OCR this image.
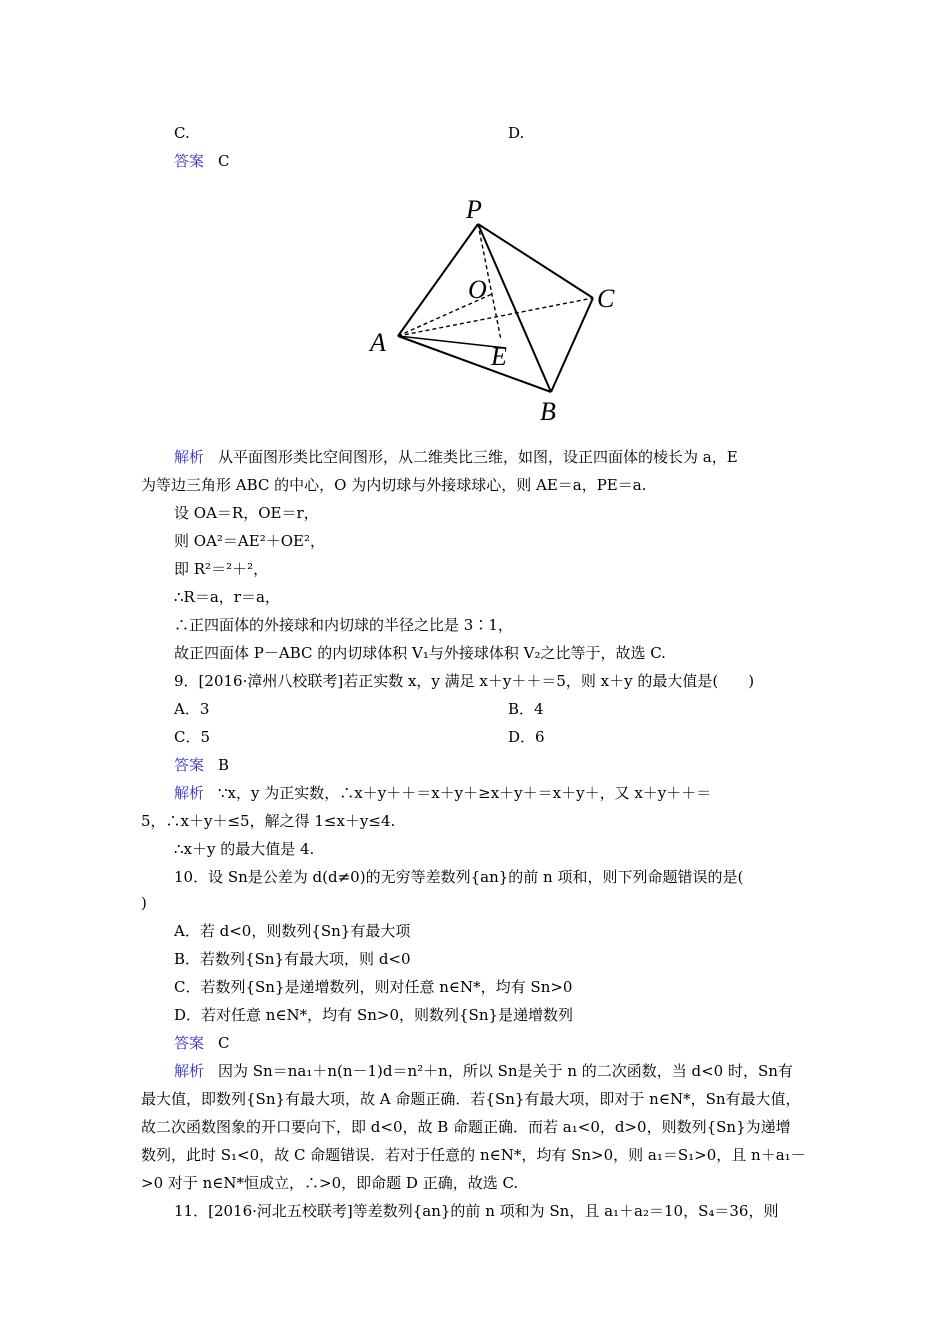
C.	D.
答案 C
P
O	C
A	E
B
解析 从平面图形类比空间图形，从二维类比三维，如图，设正四面体的棱长为 a，E
为等边三角形 ABC 的中心，O 为内切球与外接球球心，则 AE＝a，PE＝a.
设 OA＝R，OE＝r，
则 OA²＝AE²＋OE²，
即 R²＝²＋²，
∴R＝a，r＝a，
∴正四面体的外接球和内切球的半径之比是 3∶1，
故正四面体 P－ABC 的内切球体积 V₁与外接球体积 V₂之比等于，故选 C.
9．[2016·漳州八校联考]若正实数 x，y 满足 x＋y＋＋＝5，则 x＋y 的最大值是(　　)
A．3	B．4
C．5	D．6
答案 B
解析 ∵x，y 为正实数，∴x＋y＋＋＝x＋y＋≥x＋y＋＝x＋y＋，又 x＋y＋＋＝
5，∴x＋y＋≤5，解之得 1≤x＋y≤4.
∴x＋y 的最大值是 4.
10．设 Sn是公差为 d(d≠0)的无穷等差数列{an}的前 n 项和，则下列命题错误的是(
)
A．若 d<0，则数列{Sn}有最大项
B．若数列{Sn}有最大项，则 d<0
C．若数列{Sn}是递增数列，则对任意 n∈N*，均有 Sn>0
D．若对任意 n∈N*，均有 Sn>0，则数列{Sn}是递增数列
答案 C
解析 因为 Sn＝na₁＋n(n－1)d＝n²＋n，所以 Sn是关于 n 的二次函数，当 d<0 时，Sn有
最大值，即数列{Sn}有最大项，故 A 命题正确．若{Sn}有最大项，即对于 n∈N*，Sn有最大值，
故二次函数图象的开口要向下，即 d<0，故 B 命题正确．而若 a₁<0，d>0，则数列{Sn}为递增
数列，此时 S₁<0，故 C 命题错误．若对于任意的 n∈N*，均有 Sn>0，则 a₁＝S₁>0，且 n＋a₁－
>0 对于 n∈N*恒成立，∴>0，即命题 D 正确，故选 C.
11．[2016·河北五校联考]等差数列{an}的前 n 项和为 Sn，且 a₁＋a₂＝10，S₄＝36，则
